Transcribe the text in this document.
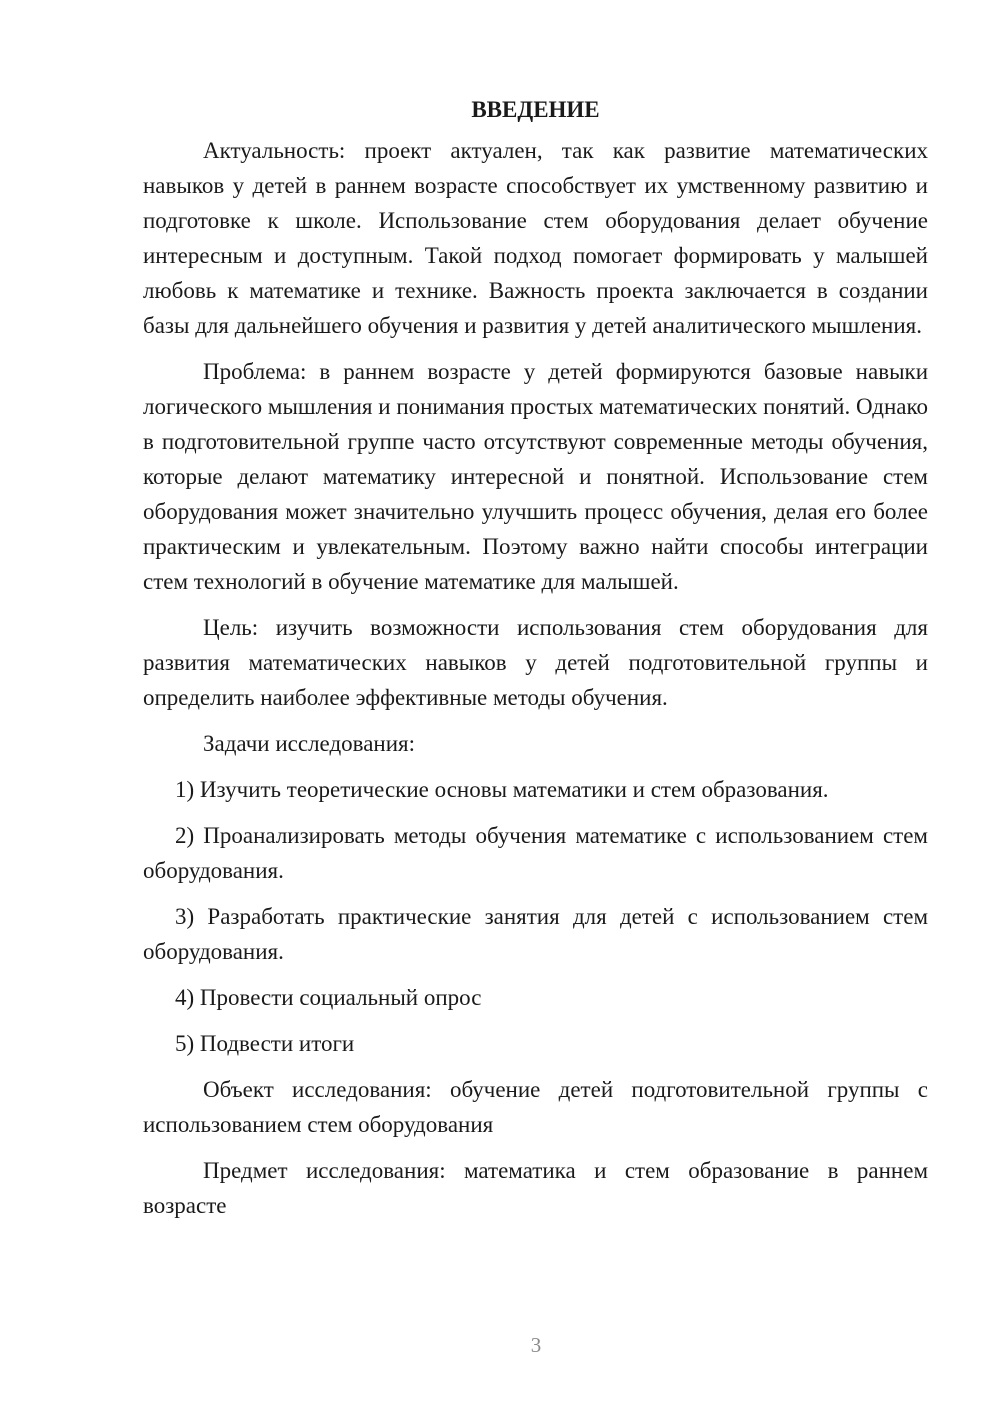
ВВЕДЕНИЕ

Актуальность: проект актуален, так как развитие математических навыков у детей в раннем возрасте способствует их умственному развитию и подготовке к школе. Использование стем оборудования делает обучение интересным и доступным. Такой подход помогает формировать у малышей любовь к математике и технике. Важность проекта заключается в создании базы для дальнейшего обучения и развития у детей аналитического мышления.

Проблема: в раннем возрасте у детей формируются базовые навыки логического мышления и понимания простых математических понятий. Однако в подготовительной группе часто отсутствуют современные методы обучения, которые делают математику интересной и понятной. Использование стем оборудования может значительно улучшить процесс обучения, делая его более практическим и увлекательным. Поэтому важно найти способы интеграции стем технологий в обучение математике для малышей.

Цель: изучить возможности использования стем оборудования для развития математических навыков у детей подготовительной группы и определить наиболее эффективные методы обучения.

Задачи исследования:

1) Изучить теоретические основы математики и стем образования.

2) Проанализировать методы обучения математике с использованием стем оборудования.

3) Разработать практические занятия для детей с использованием стем оборудования.

4) Провести социальный опрос

5) Подвести итоги

Объект исследования: обучение детей подготовительной группы с использованием стем оборудования

Предмет исследования: математика и стем образование в раннем возрасте

3
